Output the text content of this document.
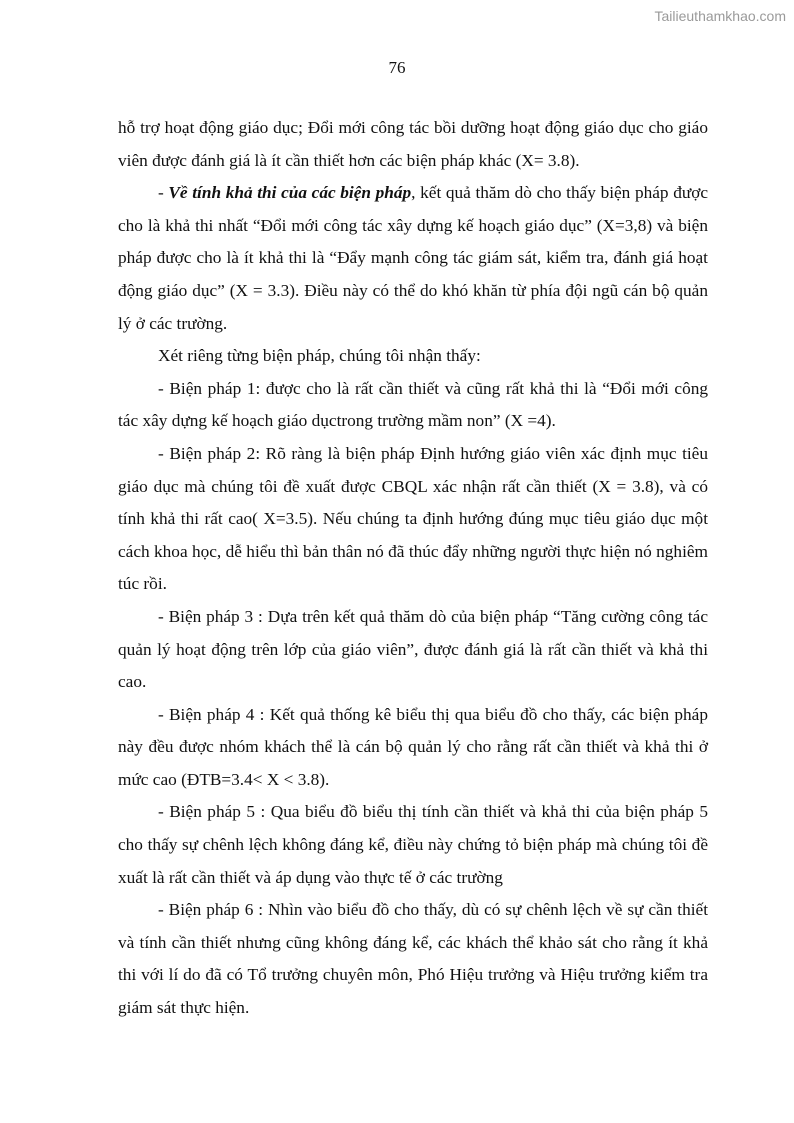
Tailieuthamkhao.com
76

hỗ trợ hoạt động giáo dục; Đổi mới công tác bồi dưỡng hoạt động giáo dục cho giáo viên được đánh giá là ít cần thiết hơn các biện pháp khác (X= 3.8).

- Về tính khả thi của các biện pháp, kết quả thăm dò cho thấy biện pháp được cho là khả thi nhất “Đổi mới công tác xây dựng kế hoạch giáo dục” (X=3,8) và biện pháp được cho là ít khả thi là “Đẩy mạnh công tác giám sát, kiểm tra, đánh giá hoạt động giáo dục” (X = 3.3). Điều này có thể do khó khăn từ phía đội ngũ cán bộ quản lý ở các trường.

Xét riêng từng biện pháp, chúng tôi nhận thấy:

- Biện pháp 1: được cho là rất cần thiết và cũng rất khả thi là “Đổi mới công tác xây dựng kế hoạch giáo dụctrong trường mầm non” (X =4).

- Biện pháp 2: Rõ ràng là biện pháp Định hướng giáo viên xác định mục tiêu giáo dục mà chúng tôi đề xuất được CBQL xác nhận rất cần thiết (X = 3.8), và có tính khả thi rất cao( X=3.5). Nếu chúng ta định hướng đúng mục tiêu giáo dục một cách khoa học, dễ hiểu thì bản thân nó đã thúc đẩy những người thực hiện nó nghiêm túc rồi.

- Biện pháp 3 : Dựa trên kết quả thăm dò của biện pháp “Tăng cường công tác quản lý hoạt động trên lớp của giáo viên”, được đánh giá là rất cần thiết và khả thi cao.

- Biện pháp 4 : Kết quả thống kê biểu thị qua biểu đồ cho thấy, các biện pháp này đều được nhóm khách thể là cán bộ quản lý cho rằng rất cần thiết và khả thi ở mức cao (ĐTB=3.4< X < 3.8).

- Biện pháp 5 : Qua biểu đồ biểu thị tính cần thiết và khả thi của biện pháp 5 cho thấy sự chênh lệch không đáng kể, điều này chứng tỏ biện pháp mà chúng tôi đề xuất là rất cần thiết và áp dụng vào thực tế ở các trường

- Biện pháp 6 : Nhìn vào biểu đồ cho thấy, dù có sự chênh lệch về sự cần thiết và tính cần thiết nhưng cũng không đáng kể, các khách thể khảo sát cho rằng ít khả thi với lí do đã có Tổ trưởng chuyên môn, Phó Hiệu trưởng và Hiệu trưởng kiểm tra giám sát thực hiện.
